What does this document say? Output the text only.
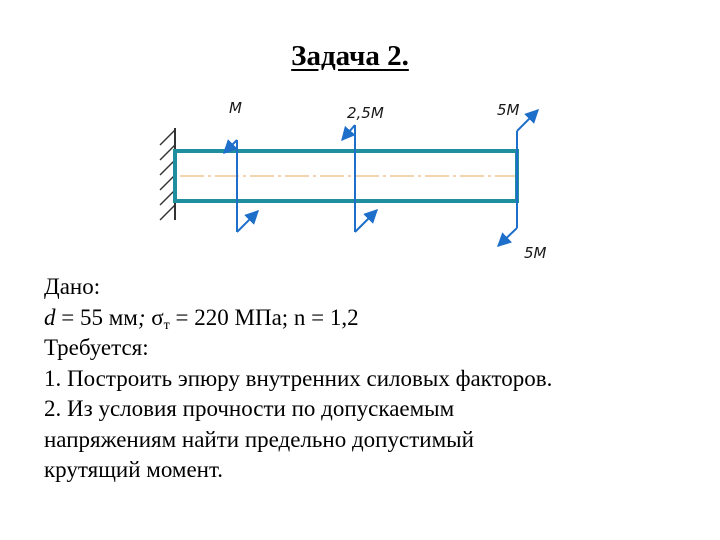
Задача 2.
M	2,5M	5M
5M
Дано:
d = 55 мм; $\sigma_т = 220$ МПа; n = 1,2
Требуется:
1. Построить эпюру внутренних силовых факторов.
2. Из условия прочности по допускаемым
напряжениям найти предельно допустимый
крутящий момент.
